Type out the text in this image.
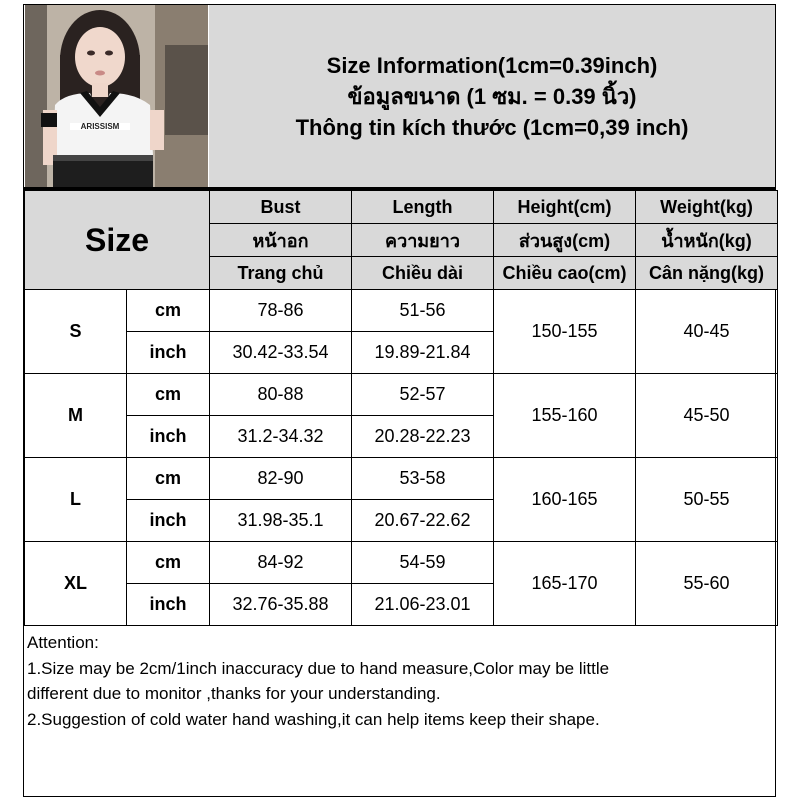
ARISSISM
Size Information(1cm=0.39inch)
ข้อมูลขนาด (1 ซม. = 0.39 นิ้ว)
Thông tin kích thước (1cm=0,39 inch)
Size		Bust	Length	Height(cm)	Weight(kg)
		หน้าอก	ความยาว	ส่วนสูง(cm)	น้ำหนัก(kg)
		Trang chủ	Chiều dài	Chiều cao(cm)	Cân nặng(kg)
S	cm	78-86	51-56	150-155	40-45
	inch	30.42-33.54	19.89-21.84		
M	cm	80-88	52-57	155-160	45-50
	inch	31.2-34.32	20.28-22.23		
L	cm	82-90	53-58	160-165	50-55
	inch	31.98-35.1	20.67-22.62		
XL	cm	84-92	54-59	165-170	55-60
	inch	32.76-35.88	21.06-23.01		
Attention:
1.Size may be 2cm/1inch inaccuracy due to hand measure,Color may be little
different due to monitor ,thanks for your understanding.
2.Suggestion of cold water hand washing,it can help items keep their shape.
